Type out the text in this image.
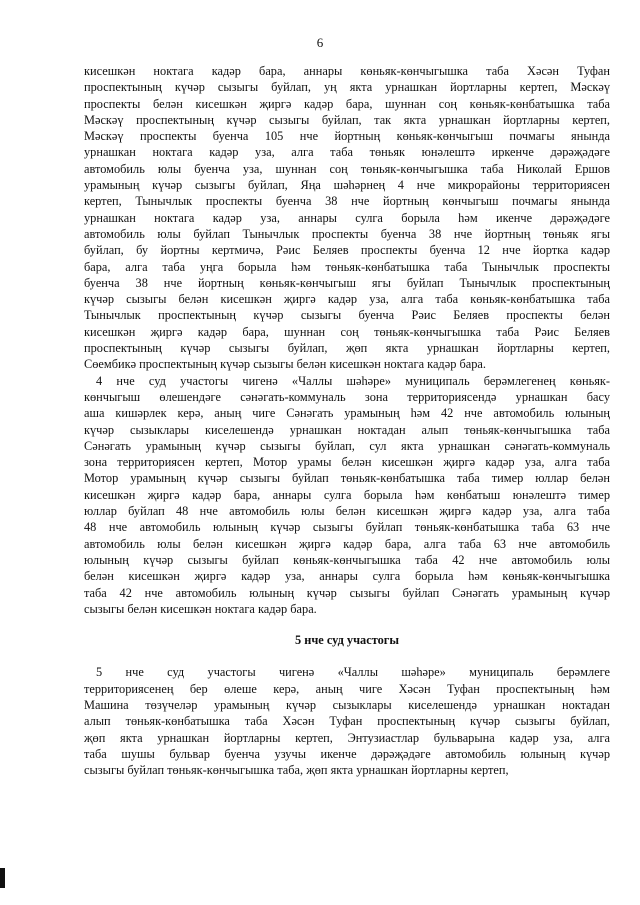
6
кисешкән ноктага кадәр бара, аннары көньяк-көнчыгышка таба Хәсән Туфан
проспектының күчәр сызыгы буйлап, уң якта урнашкан йортларны кертеп, Мәскәү
проспекты белән кисешкән җиргә кадәр бара, шуннан соң көньяк-көнбатышка таба
Мәскәү проспектының күчәр сызыгы буйлап, так якта урнашкан йортларны кертеп,
Мәскәү проспекты буенча 105 нче йортның көньяк-көнчыгыш почмагы янында
урнашкан ноктага кадәр уза, алга таба төньяк юнәлештә иркенче дәрәҗәдәге
автомобиль юлы буенча уза, шуннан соң төньяк-көнчыгышка таба Николай Ершов
урамының күчәр сызыгы буйлап, Яңа шәһәрнең 4 нче микрорайоны территориясен
кертеп, Тынычлык проспекты буенча 38 нче йортның көнчыгыш почмагы янында
урнашкан ноктага кадәр уза, аннары сулга борыла һәм икенче дәрәҗәдәге
автомобиль юлы буйлап Тынычлык проспекты буенча 38 нче йортның төньяк ягы
буйлап, бу йортны кертмичә, Рәис Беляев проспекты буенча 12 нче йортка кадәр
бара, алга таба уңга борыла һәм төньяк-көнбатышка таба Тынычлык проспекты
буенча 38 нче йортның көньяк-көнчыгыш ягы буйлап Тынычлык проспектының
күчәр сызыгы белән кисешкән җиргә кадәр уза, алга таба көньяк-көнбатышка таба
Тынычлык проспектының күчәр сызыгы буенча Рәис Беляев проспекты белән
кисешкән җиргә кадәр бара, шуннан соң төньяк-көнчыгышка таба Рәис Беляев
проспектының күчәр сызыгы буйлап, җөп якта урнашкан йортларны кертеп,
Сөембикә проспектының күчәр сызыгы белән кисешкән ноктага кадәр бара.
4 нче суд участогы чигенә «Чаллы шәһәре» муниципаль берәмлегенең көньяк-
көнчыгыш өлешендәге сәнәгать-коммуналь зона территориясендә урнашкан басу
аша кишәрлек керә, аның чиге Сәнәгать урамының һәм 42 нче автомобиль юлының
күчәр сызыклары киселешендә урнашкан ноктадан алып төньяк-көнчыгышка таба
Сәнәгать урамының күчәр сызыгы буйлап, сул якта урнашкан сәнәгать-коммуналь
зона территориясен кертеп, Мотор урамы белән кисешкән җиргә кадәр уза, алга таба
Мотор урамының күчәр сызыгы буйлап төньяк-көнбатышка таба тимер юллар белән
кисешкән җиргә кадәр бара, аннары сулга борыла һәм көнбатыш юнәлештә тимер
юллар буйлап 48 нче автомобиль юлы белән кисешкән җиргә кадәр уза, алга таба
48 нче автомобиль юлының күчәр сызыгы буйлап төньяк-көнбатышка таба 63 нче
автомобиль юлы белән кисешкән җиргә кадәр бара, алга таба 63 нче автомобиль
юлының күчәр сызыгы буйлап көньяк-көнчыгышка таба 42 нче автомобиль юлы
белән кисешкән җиргә кадәр уза, аннары сулга борыла һәм көньяк-көнчыгышка
таба 42 нче автомобиль юлының күчәр сызыгы буйлап Сәнәгать урамының күчәр
сызыгы белән кисешкән ноктага кадәр бара.
5 нче суд участогы
5 нче суд участогы чигенә «Чаллы шәһәре» муниципаль берәмлеге
территориясенең бер өлеше керә, аның чиге Хәсән Туфан проспектының һәм
Машина төзүчеләр урамының күчәр сызыклары киселешендә урнашкан ноктадан
алып төньяк-көнбатышка таба Хәсән Туфан проспектының күчәр сызыгы буйлап,
җөп якта урнашкан йортларны кертеп, Энтузиастлар бульварына кадәр уза, алга
таба шушы бульвар буенча узучы икенче дәрәҗәдәге автомобиль юлының күчәр
сызыгы буйлап төньяк-көнчыгышка таба, җөп якта урнашкан йортларны кертеп,
